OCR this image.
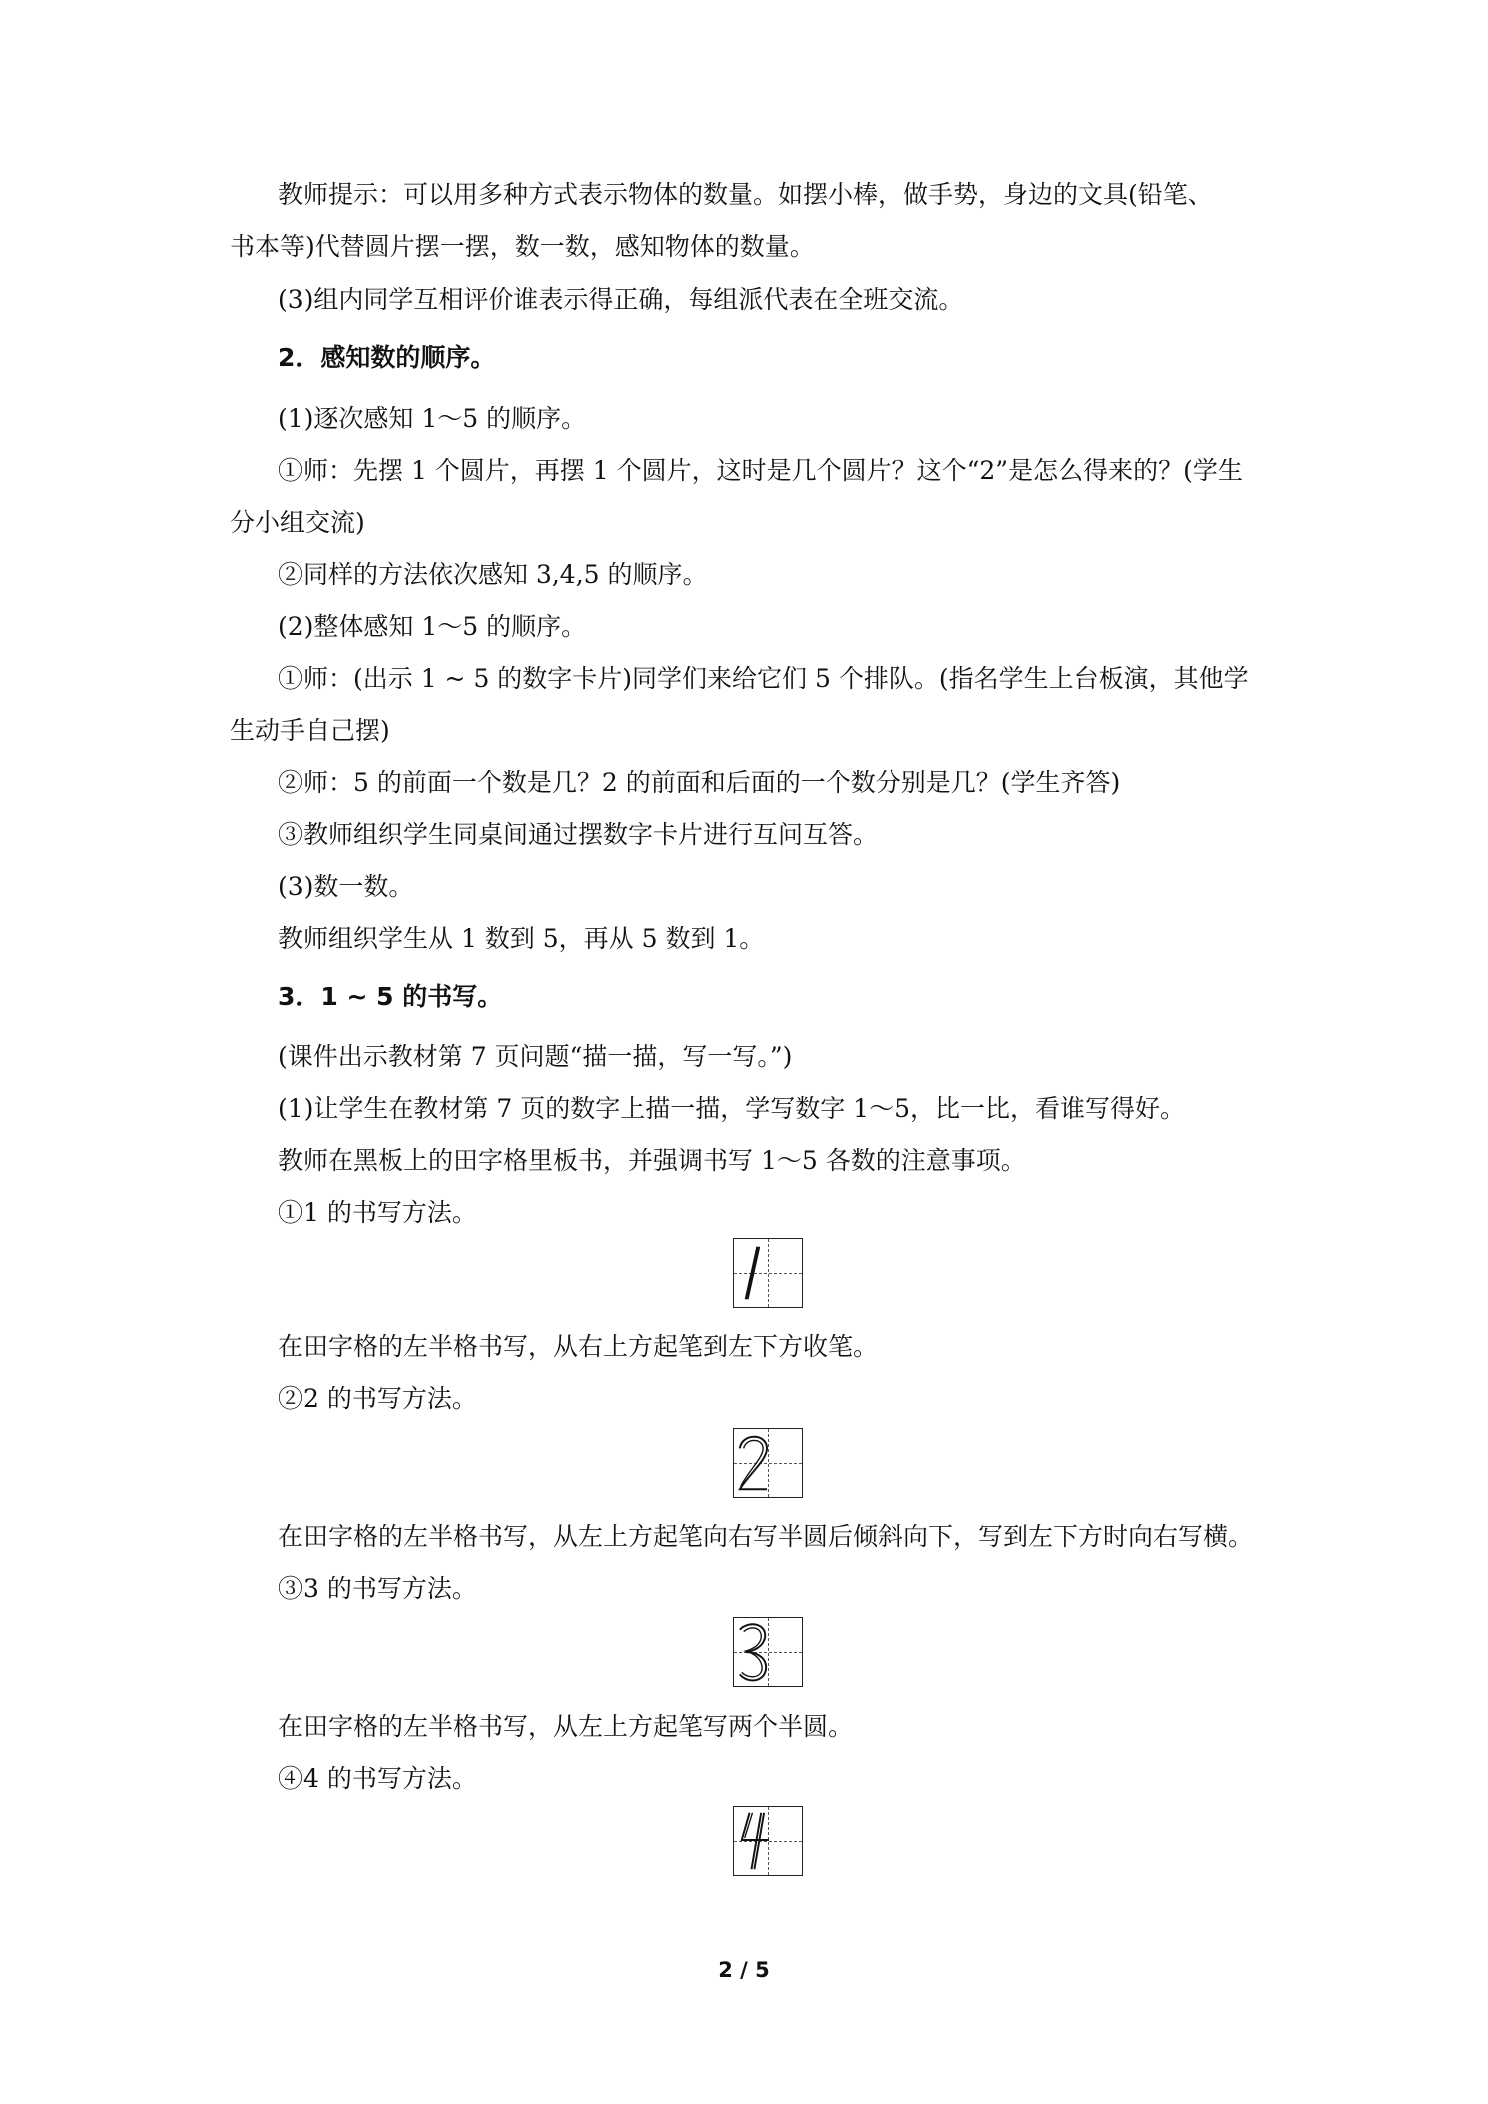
教师提示：可以用多种方式表示物体的数量。如摆小棒，做手势，身边的文具(铅笔、
书本等)代替圆片摆一摆，数一数，感知物体的数量。
(3)组内同学互相评价谁表示得正确，每组派代表在全班交流。
2．感知数的顺序。
(1)逐次感知 1～5 的顺序。
①师：先摆 1 个圆片，再摆 1 个圆片，这时是几个圆片？这个“2”是怎么得来的？(学生
分小组交流)
②同样的方法依次感知 3,4,5 的顺序。
(2)整体感知 1～5 的顺序。
①师：(出示 1 ~ 5 的数字卡片)同学们来给它们 5 个排队。(指名学生上台板演，其他学
生动手自己摆)
②师：5 的前面一个数是几？2 的前面和后面的一个数分别是几？(学生齐答)
③教师组织学生同桌间通过摆数字卡片进行互问互答。
(3)数一数。
教师组织学生从 1 数到 5，再从 5 数到 1。
3．1 ~ 5 的书写。
(课件出示教材第 7 页问题“描一描，写一写。”)
(1)让学生在教材第 7 页的数字上描一描，学写数字 1～5，比一比，看谁写得好。
教师在黑板上的田字格里板书，并强调书写 1～5 各数的注意事项。
①1 的书写方法。
在田字格的左半格书写，从右上方起笔到左下方收笔。
②2 的书写方法。
在田字格的左半格书写，从左上方起笔向右写半圆后倾斜向下，写到左下方时向右写横。
③3 的书写方法。
在田字格的左半格书写，从左上方起笔写两个半圆。
④4 的书写方法。
2 / 5
